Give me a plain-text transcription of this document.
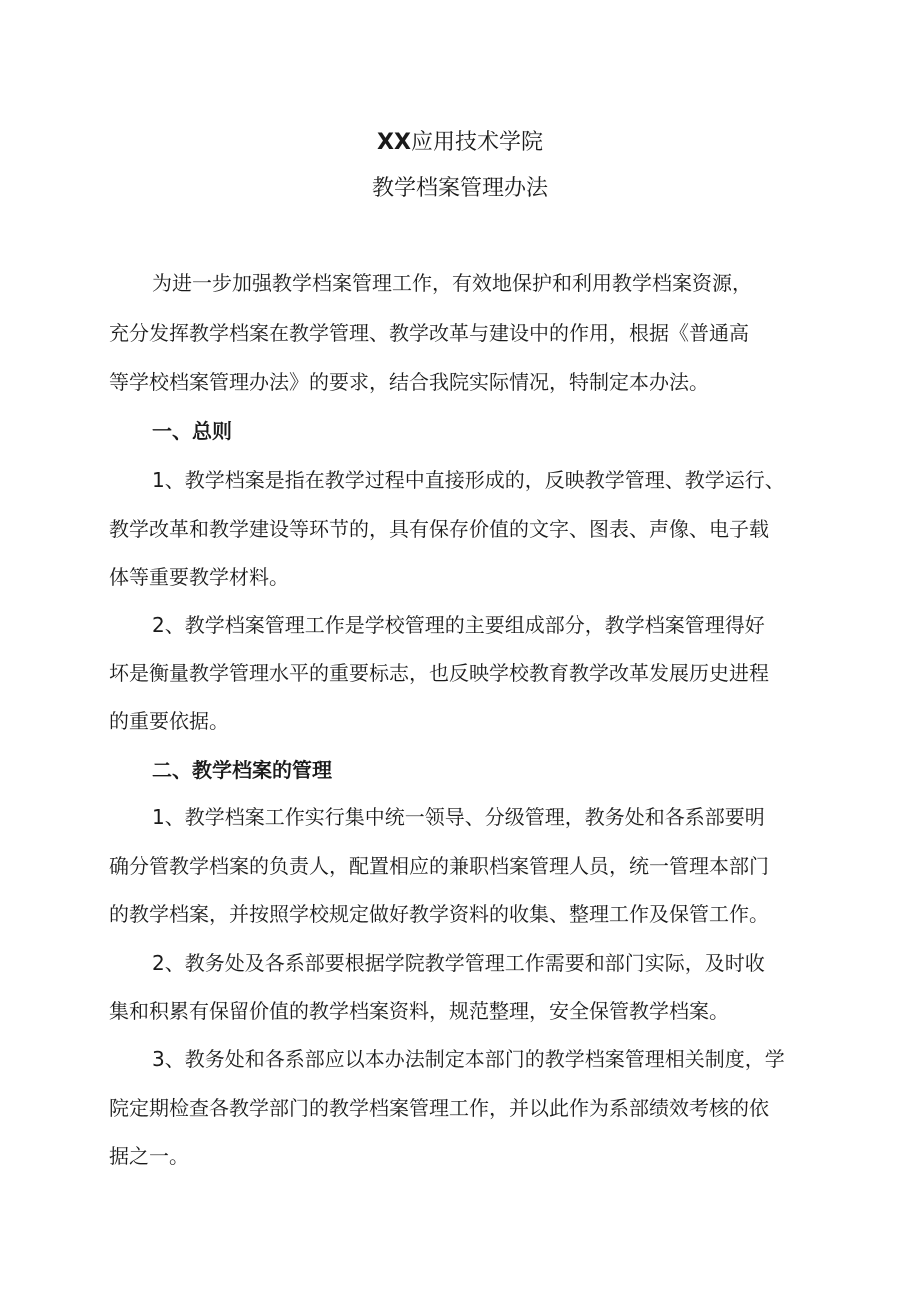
XX应用技术学院
教学档案管理办法

为进一步加强教学档案管理工作，有效地保护和利用教学档案资源，

充分发挥教学档案在教学管理、教学改革与建设中的作用，根据《普通高

等学校档案管理办法》的要求，结合我院实际情况，特制定本办法。

一、总则

1、教学档案是指在教学过程中直接形成的，反映教学管理、教学运行、

教学改革和教学建设等环节的，具有保存价值的文字、图表、声像、电子载

体等重要教学材料。

2、教学档案管理工作是学校管理的主要组成部分，教学档案管理得好

坏是衡量教学管理水平的重要标志，也反映学校教育教学改革发展历史进程

的重要依据。

二、教学档案的管理

1、教学档案工作实行集中统一领导、分级管理，教务处和各系部要明

确分管教学档案的负责人，配置相应的兼职档案管理人员，统一管理本部门

的教学档案，并按照学校规定做好教学资料的收集、整理工作及保管工作。

2、教务处及各系部要根据学院教学管理工作需要和部门实际，及时收

集和积累有保留价值的教学档案资料，规范整理，安全保管教学档案。

3、教务处和各系部应以本办法制定本部门的教学档案管理相关制度，学

院定期检查各教学部门的教学档案管理工作，并以此作为系部绩效考核的依

据之一。
